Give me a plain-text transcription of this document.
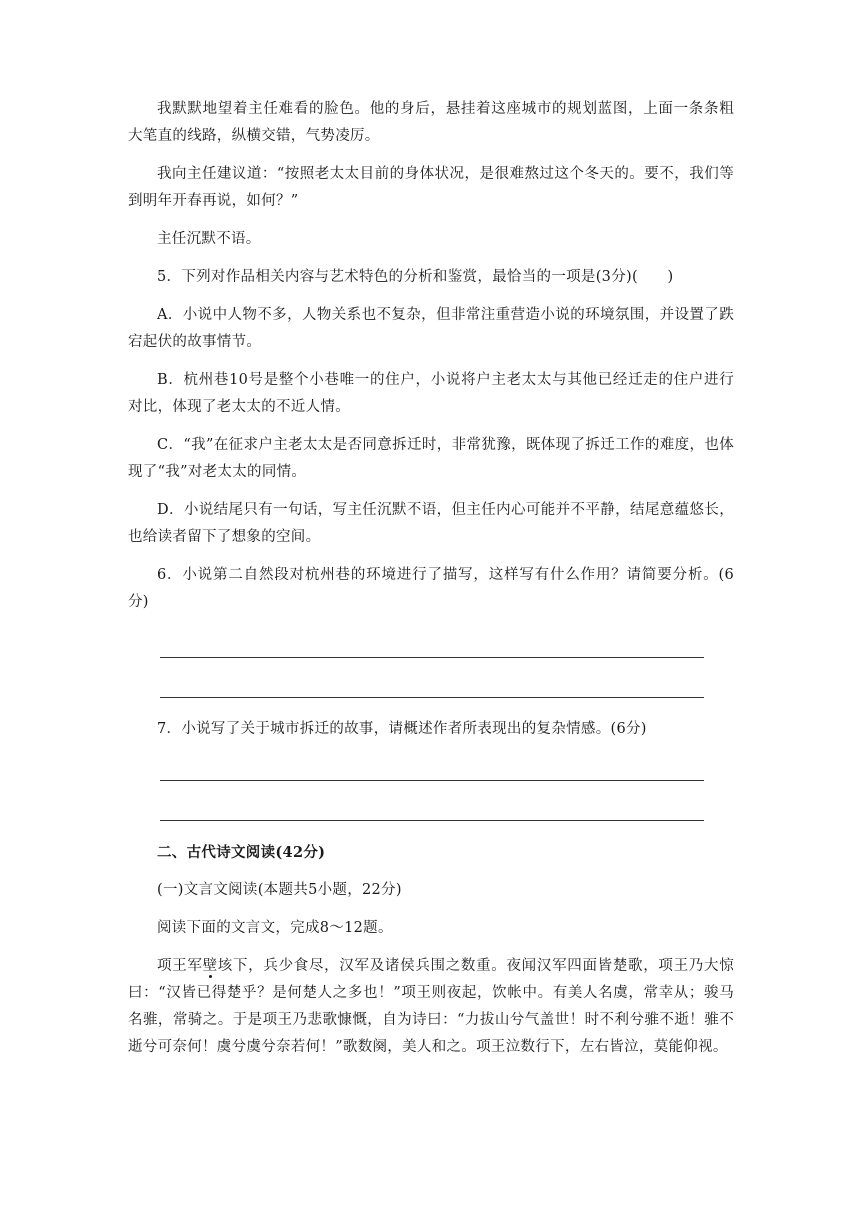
我默默地望着主任难看的脸色。他的身后，悬挂着这座城市的规划蓝图，上面一条条粗大笔直的线路，纵横交错，气势凌厉。

我向主任建议道：“按照老太太目前的身体状况，是很难熬过这个冬天的。要不，我们等到明年开春再说，如何？”

主任沉默不语。

5．下列对作品相关内容与艺术特色的分析和鉴赏，最恰当的一项是(3分)(　　)

A．小说中人物不多，人物关系也不复杂，但非常注重营造小说的环境氛围，并设置了跌宕起伏的故事情节。

B．杭州巷10号是整个小巷唯一的住户，小说将户主老太太与其他已经迁走的住户进行对比，体现了老太太的不近人情。

C．“我”在征求户主老太太是否同意拆迁时，非常犹豫，既体现了拆迁工作的难度，也体现了“我”对老太太的同情。

D．小说结尾只有一句话，写主任沉默不语，但主任内心可能并不平静，结尾意蕴悠长，也给读者留下了想象的空间。

6．小说第二自然段对杭州巷的环境进行了描写，这样写有什么作用？请简要分析。(6分)

7．小说写了关于城市拆迁的故事，请概述作者所表现出的复杂情感。(6分)

二、古代诗文阅读(42分)

(一)文言文阅读(本题共5小题，22分)

阅读下面的文言文，完成8～12题。

项王军壁垓下，兵少食尽，汉军及诸侯兵围之数重。夜闻汉军四面皆楚歌，项王乃大惊曰：“汉皆已得楚乎？是何楚人之多也！”项王则夜起，饮帐中。有美人名虞，常幸从；骏马名骓，常骑之。于是项王乃悲歌慷慨，自为诗曰：“力拔山兮气盖世！时不利兮骓不逝！骓不逝兮可奈何！虞兮虞兮奈若何！”歌数阕，美人和之。项王泣数行下，左右皆泣，莫能仰视。
